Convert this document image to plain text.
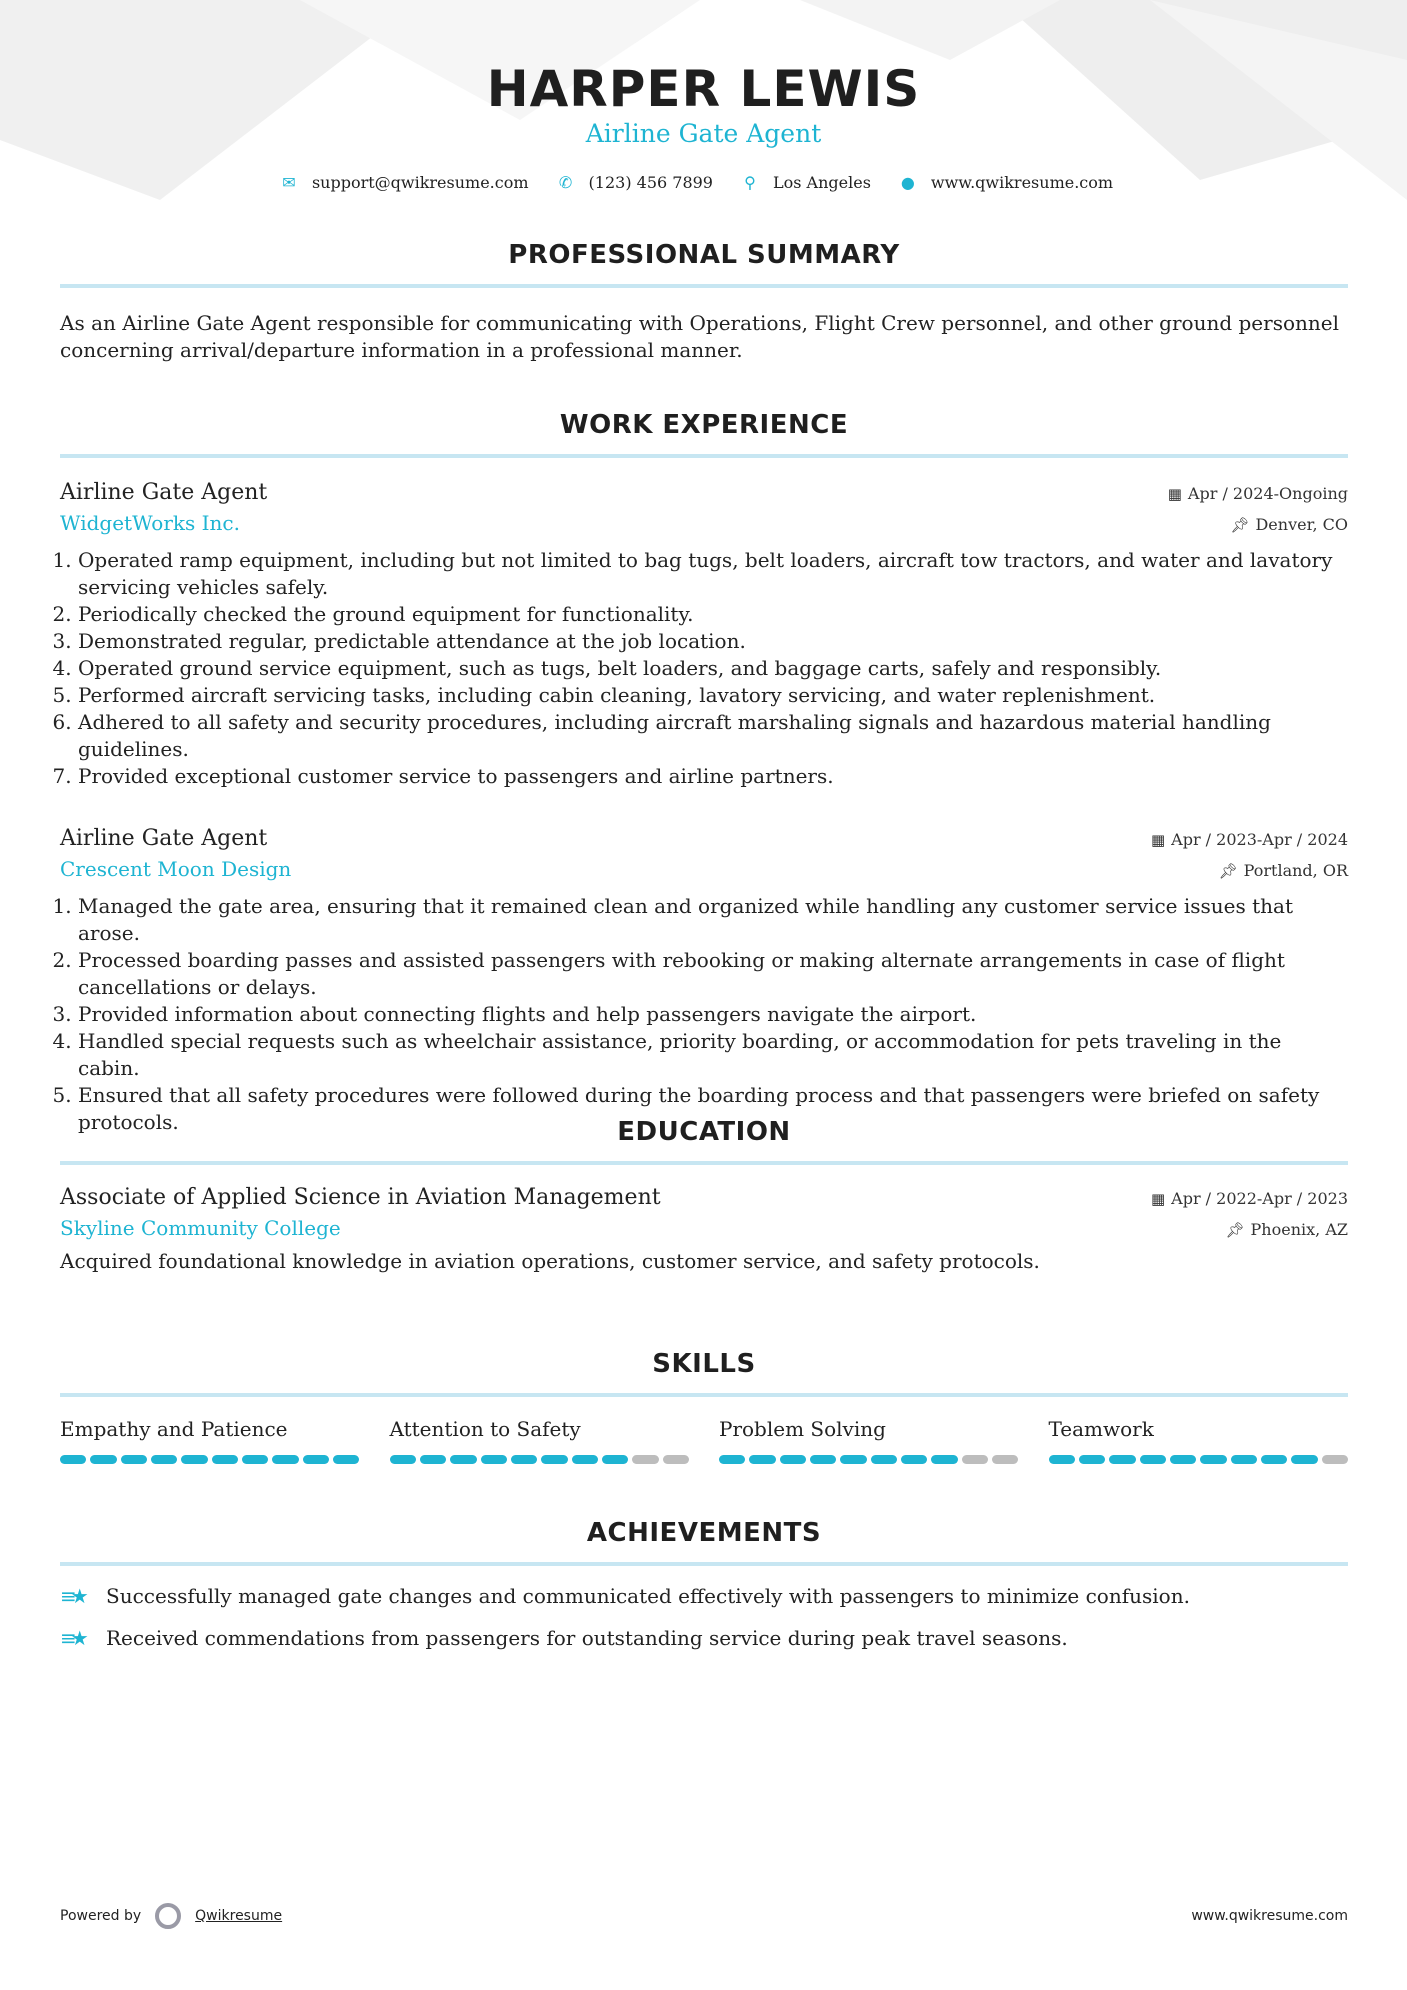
HARPER LEWIS
Airline Gate Agent
✉ support@qwikresume.com ✆ (123) 456 7899 ⚲ Los Angeles ● www.qwikresume.com
PROFESSIONAL SUMMARY

As an Airline Gate Agent responsible for communicating with Operations, Flight Crew personnel, and other ground personnel concerning arrival/departure information in a professional manner.

WORK EXPERIENCE
Airline Gate Agent	▦ Apr / 2024-Ongoing
WidgetWorks Inc.	📌︎ Denver, CO
1. Operated ramp equipment, including but not limited to bag tugs, belt loaders, aircraft tow tractors, and water and lavatory servicing vehicles safely.
2. Periodically checked the ground equipment for functionality.
3. Demonstrated regular, predictable attendance at the job location.
4. Operated ground service equipment, such as tugs, belt loaders, and baggage carts, safely and responsibly.
5. Performed aircraft servicing tasks, including cabin cleaning, lavatory servicing, and water replenishment.
6. Adhered to all safety and security procedures, including aircraft marshaling signals and hazardous material handling guidelines.
7. Provided exceptional customer service to passengers and airline partners.
Airline Gate Agent	▦ Apr / 2023-Apr / 2024
Crescent Moon Design	📌︎ Portland, OR
1. Managed the gate area, ensuring that it remained clean and organized while handling any customer service issues that arose.
2. Processed boarding passes and assisted passengers with rebooking or making alternate arrangements in case of flight cancellations or delays.
3. Provided information about connecting flights and help passengers navigate the airport.
4. Handled special requests such as wheelchair assistance, priority boarding, or accommodation for pets traveling in the cabin.
5. Ensured that all safety procedures were followed during the boarding process and that passengers were briefed on safety protocols.	EDUCATION
Associate of Applied Science in Aviation Management	▦ Apr / 2022-Apr / 2023
Skyline Community College	📌︎ Phoenix, AZ

Acquired foundational knowledge in aviation operations, customer service, and safety protocols.

SKILLS
Empathy and Patience	Attention to Safety	Problem Solving	Teamwork
ACHIEVEMENTS
≡★	Successfully managed gate changes and communicated effectively with passengers to minimize confusion.
≡★	Received commendations from passengers for outstanding service during peak travel seasons.
Powered by	Qwikresume	www.qwikresume.com
